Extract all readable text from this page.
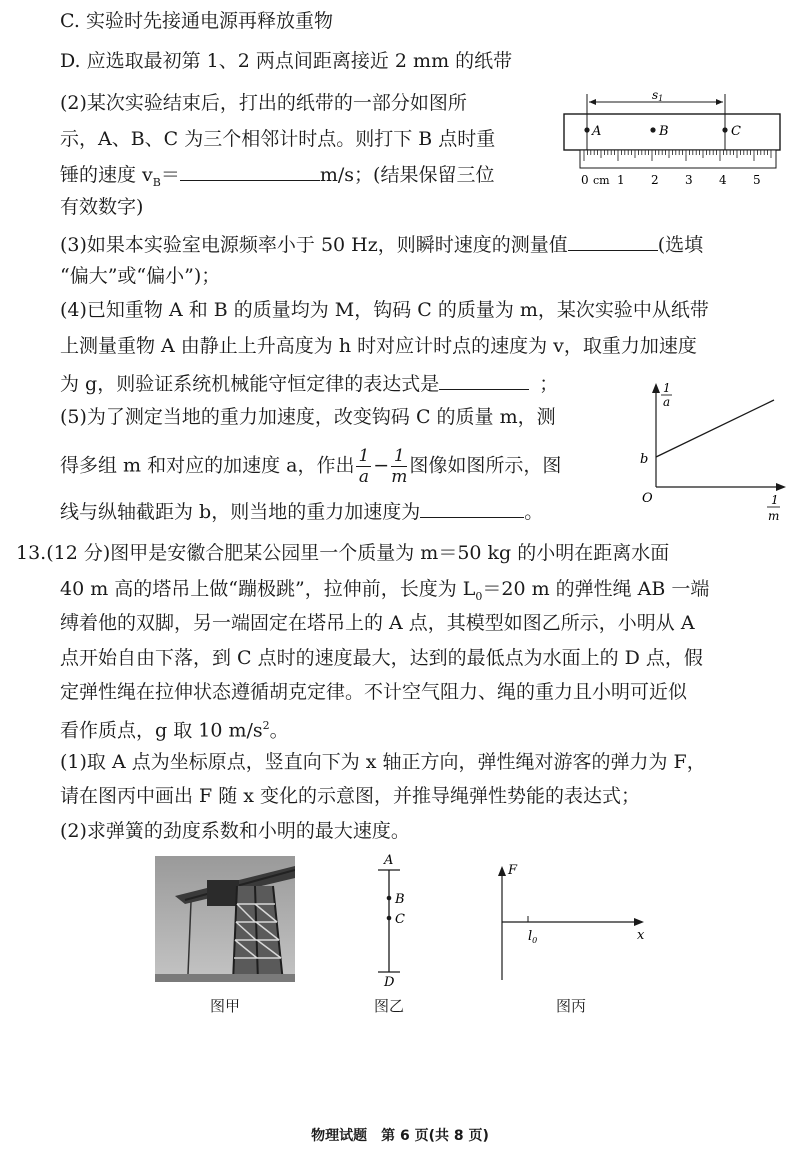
C. 实验时先接通电源再释放重物
D. 应选取最初第 1、2 两点间距离接近 2 mm 的纸带
(2)某次实验结束后，打出的纸带的一部分如图所
示，A、B、C 为三个相邻计时点。则打下 B 点时重
锤的速度 $v_B=$	m/s；(结果保留三位
有效数字)
s1
A	B	C
0 cm 1 2 3 4 5
(3)如果本实验室电源频率小于 50 Hz，则瞬时速度的测量值	(选填
“偏大”或“偏小”)；
(4)已知重物 A 和 B 的质量均为 M，钩码 C 的质量为 m，某次实验中从纸带
上测量重物 A 由静止上升高度为 h 时对应计时点的速度为 v，取重力加速度
为 g，则验证系统机械能守恒定律的表达式是	；
(5)为了测定当地的重力加速度，改变钩码 C 的质量 m，测
得多组 m 和对应的加速度 a，作出 $\frac{1}{a} - \frac{1}{m}$ 图像如图所示，图
线与纵轴截距为 b，则当地的重力加速度为	。
1
a
b
O	1
m
13.(12 分)图甲是安徽合肥某公园里一个质量为 m＝50 kg 的小明在距离水面
40 m 高的塔吊上做“蹦极跳”，拉伸前，长度为 $L_0=20$ m 的弹性绳 AB 一端
缚着他的双脚，另一端固定在塔吊上的 A 点，其模型如图乙所示，小明从 A
点开始自由下落，到 C 点时的速度最大，达到的最低点为水面上的 D 点，假
定弹性绳在拉伸状态遵循胡克定律。不计空气阻力、绳的重力且小明可近似
看作质点，g 取 10 $m/s^2$。
(1)取 A 点为坐标原点，竖直向下为 x 轴正方向，弹性绳对游客的弹力为 F，
请在图丙中画出 F 随 x 变化的示意图，并推导绳弹性势能的表达式；
(2)求弹簧的劲度系数和小明的最大速度。
A
B
C
D
F
x
$l_0$
图甲	图乙	图丙
物理试题　第 6 页(共 8 页)
